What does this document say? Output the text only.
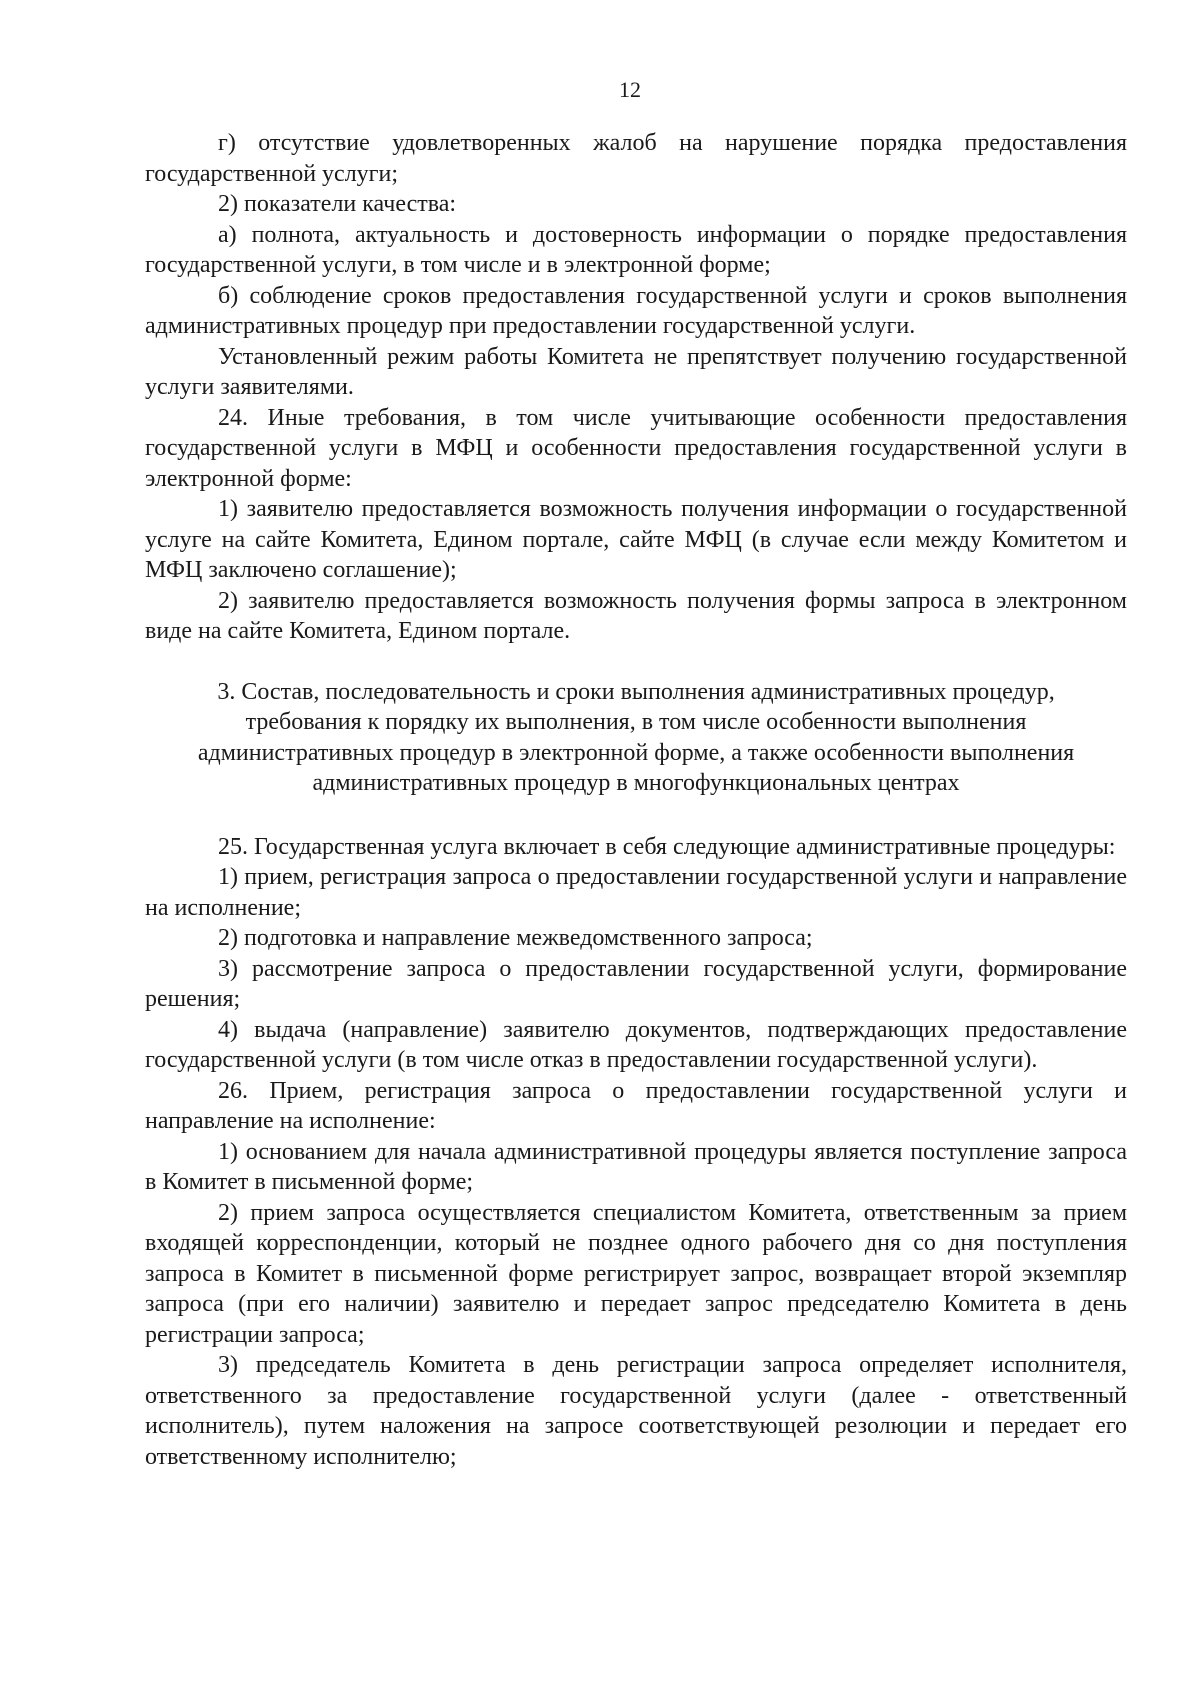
12

г) отсутствие удовлетворенных жалоб на нарушение порядка предоставления государственной услуги;

2) показатели качества:

а) полнота, актуальность и достоверность информации о порядке предоставления государственной услуги, в том числе и в электронной форме;

б) соблюдение сроков предоставления государственной услуги и сроков выполнения административных процедур при предоставлении государственной услуги.

Установленный режим работы Комитета не препятствует получению государственной услуги заявителями.

24. Иные требования, в том числе учитывающие особенности предоставления государственной услуги в МФЦ и особенности предоставления государственной услуги в электронной форме:

1) заявителю предоставляется возможность получения информации о государственной услуге на сайте Комитета, Едином портале, сайте МФЦ (в случае если между Комитетом и МФЦ заключено соглашение);

2) заявителю предоставляется возможность получения формы запроса в электронном виде на сайте Комитета, Едином портале.

3. Состав, последовательность и сроки выполнения административных процедур,
требования к порядку их выполнения, в том числе особенности выполнения
административных процедур в электронной форме, а также особенности выполнения
административных процедур в многофункциональных центрах

25. Государственная услуга включает в себя следующие административные процедуры:

1) прием, регистрация запроса о предоставлении государственной услуги и направление на исполнение;

2) подготовка и направление межведомственного запроса;

3) рассмотрение запроса о предоставлении государственной услуги, формирование решения;

4) выдача (направление) заявителю документов, подтверждающих предоставление государственной услуги (в том числе отказ в предоставлении государственной услуги).

26. Прием, регистрация запроса о предоставлении государственной услуги и направление на исполнение:

1) основанием для начала административной процедуры является поступление запроса в Комитет в письменной форме;

2) прием запроса осуществляется специалистом Комитета, ответственным за прием входящей корреспонденции, который не позднее одного рабочего дня со дня поступления запроса в Комитет в письменной форме регистрирует запрос, возвращает второй экземпляр запроса (при его наличии) заявителю и передает запрос председателю Комитета в день регистрации запроса;

3) председатель Комитета в день регистрации запроса определяет исполнителя, ответственного за предоставление государственной услуги (далее - ответственный исполнитель), путем наложения на запросе соответствующей резолюции и передает его ответственному исполнителю;
